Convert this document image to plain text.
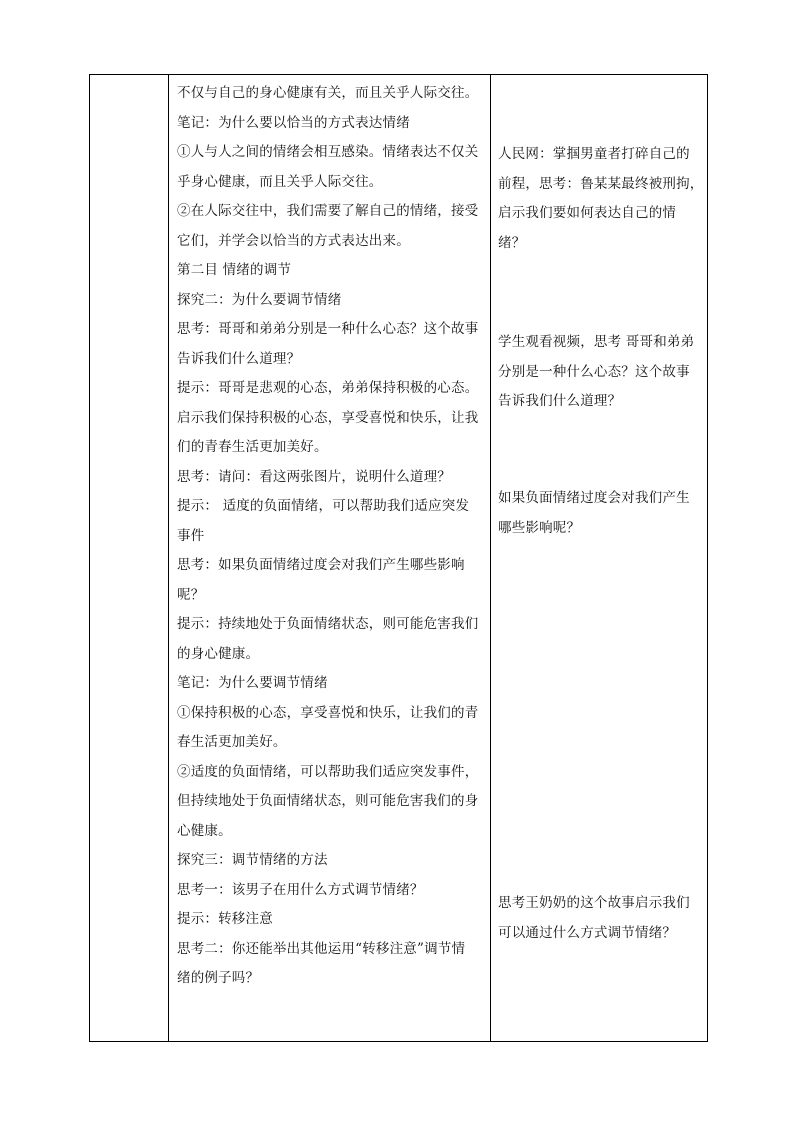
不仅与自己的身心健康有关，而且关乎人际交往。

笔记：为什么要以恰当的方式表达情绪

①人与人之间的情绪会相互感染。情绪表达不仅关

乎身心健康，而且关乎人际交往。

②在人际交往中，我们需要了解自己的情绪，接受

它们，并学会以恰当的方式表达出来。

第二目 情绪的调节

探究二：为什么要调节情绪

思考：哥哥和弟弟分别是一种什么心态？这个故事

告诉我们什么道理？

提示：哥哥是悲观的心态，弟弟保持积极的心态。

启示我们保持积极的心态，享受喜悦和快乐，让我

们的青春生活更加美好。

思考：请问：看这两张图片，说明什么道理？

提示： 适度的负面情绪，可以帮助我们适应突发

事件

思考：如果负面情绪过度会对我们产生哪些影响

呢？

提示：持续地处于负面情绪状态，则可能危害我们

的身心健康。

笔记：为什么要调节情绪

①保持积极的心态，享受喜悦和快乐，让我们的青

春生活更加美好。

②适度的负面情绪，可以帮助我们适应突发事件，

但持续地处于负面情绪状态，则可能危害我们的身

心健康。

探究三：调节情绪的方法

思考一：该男子在用什么方式调节情绪？

提示：转移注意

思考二：你还能举出其他运用“转移注意”调节情

绪的例子吗？

人民网：掌掴男童者打碎自己的

前程，思考：鲁某某最终被刑拘，

启示我们要如何表达自己的情

绪？

学生观看视频，思考 哥哥和弟弟

分别是一种什么心态？这个故事

告诉我们什么道理？

如果负面情绪过度会对我们产生

哪些影响呢？

思考王奶奶的这个故事启示我们

可以通过什么方式调节情绪？
